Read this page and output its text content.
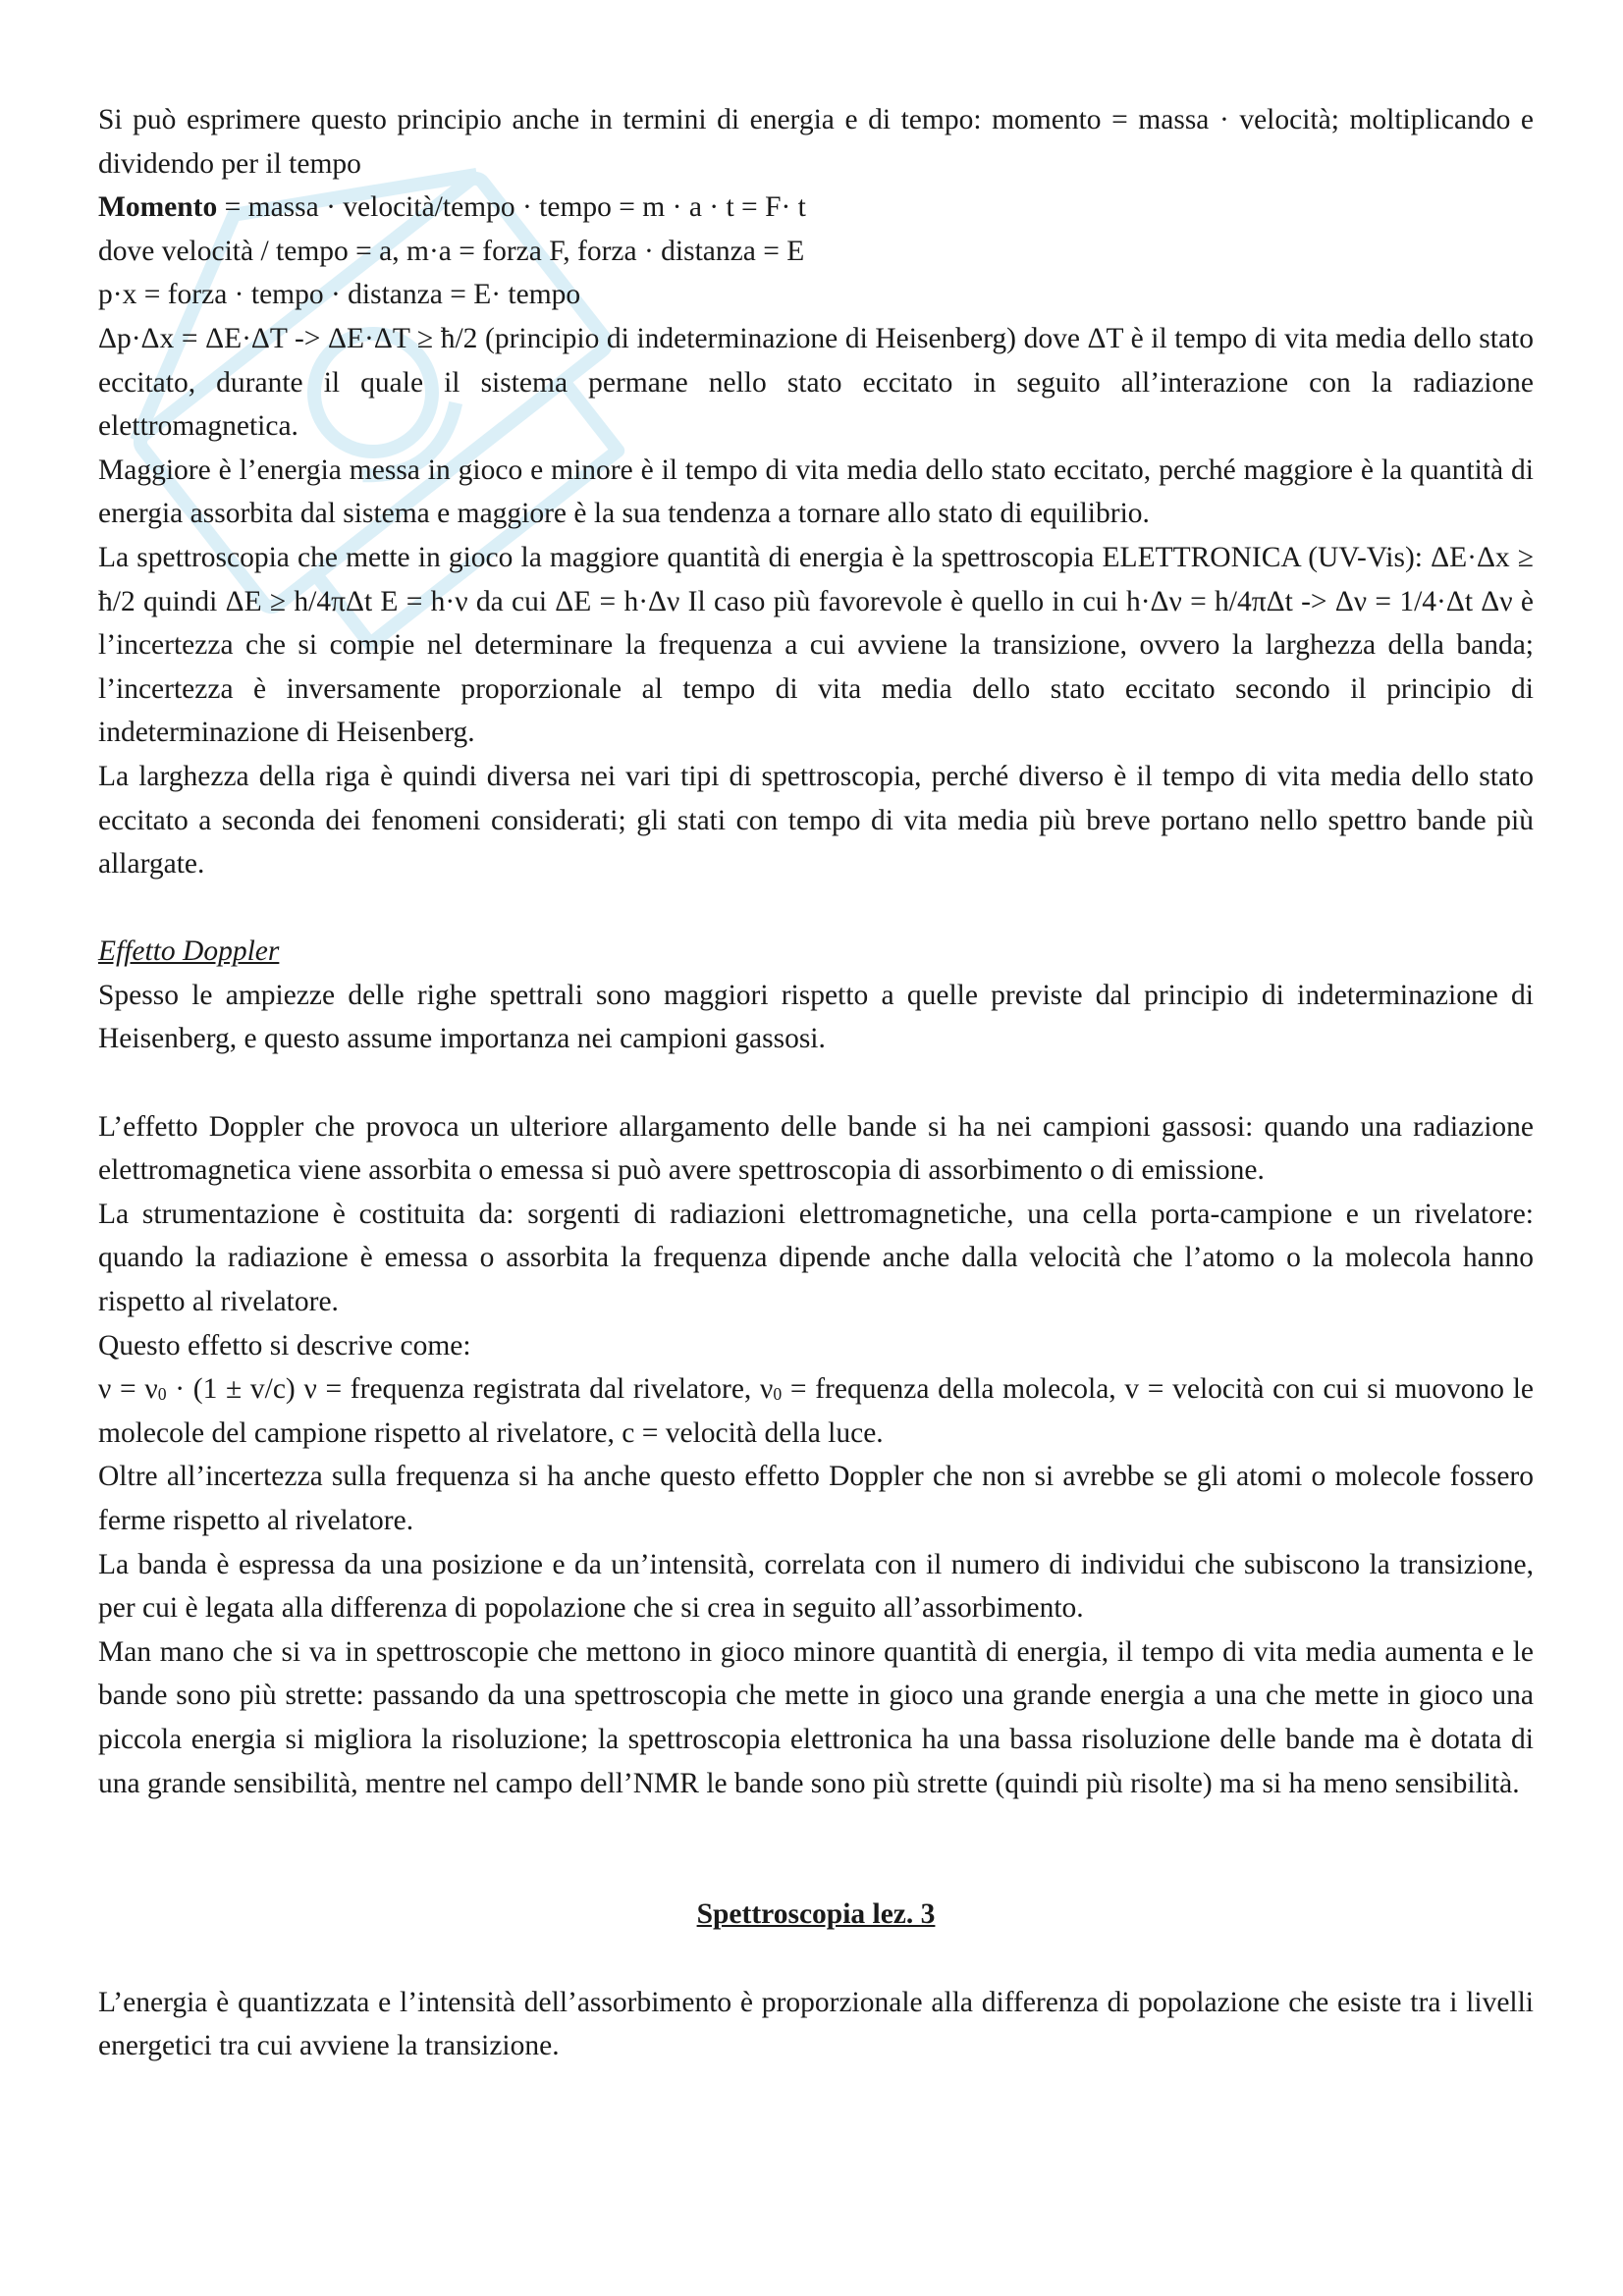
Si può esprimere questo principio anche in termini di energia e di tempo: momento = massa · velocità; moltiplicando e dividendo per il tempo

Momento = massa · velocità/tempo · tempo = m · a · t = F· t

dove velocità / tempo = a, m·a = forza F, forza · distanza = E

p·x = forza · tempo · distanza = E· tempo

Δp·Δx = ΔE·ΔT -> ΔE·ΔT ≥ ħ/2 (principio di indeterminazione di Heisenberg) dove ΔT è il tempo di vita media dello stato eccitato, durante il quale il sistema permane nello stato eccitato in seguito all’interazione con la radiazione elettromagnetica.

Maggiore è l’energia messa in gioco e minore è il tempo di vita media dello stato eccitato, perché maggiore è la quantità di energia assorbita dal sistema e maggiore è la sua tendenza a tornare allo stato di equilibrio.

La spettroscopia che mette in gioco la maggiore quantità di energia è la spettroscopia ELETTRONICA (UV-Vis): ΔE·Δx ≥ ħ/2 quindi ΔE ≥ h/4πΔt E = h·ν da cui ΔE = h·Δν Il caso più favorevole è quello in cui h·Δν = h/4πΔt -> Δν = 1/4·Δt Δν è l’incertezza che si compie nel determinare la frequenza a cui avviene la transizione, ovvero la larghezza della banda; l’incertezza è inversamente proporzionale al tempo di vita media dello stato eccitato secondo il principio di indeterminazione di Heisenberg.

La larghezza della riga è quindi diversa nei vari tipi di spettroscopia, perché diverso è il tempo di vita media dello stato eccitato a seconda dei fenomeni considerati; gli stati con tempo di vita media più breve portano nello spettro bande più allargate.

Effetto Doppler

Spesso le ampiezze delle righe spettrali sono maggiori rispetto a quelle previste dal principio di indeterminazione di Heisenberg, e questo assume importanza nei campioni gassosi.

L’effetto Doppler che provoca un ulteriore allargamento delle bande si ha nei campioni gassosi: quando una radiazione elettromagnetica viene assorbita o emessa si può avere spettroscopia di assorbimento o di emissione.

La strumentazione è costituita da: sorgenti di radiazioni elettromagnetiche, una cella porta-campione e un rivelatore: quando la radiazione è emessa o assorbita la frequenza dipende anche dalla velocità che l’atomo o la molecola hanno rispetto al rivelatore.

Questo effetto si descrive come:

$\nu = \nu_0 \cdot (1 \pm v/c) \nu$ = frequenza registrata dal rivelatore, $\nu_0$ = frequenza della molecola, v = velocità con cui si muovono le molecole del campione rispetto al rivelatore, c = velocità della luce.

Oltre all’incertezza sulla frequenza si ha anche questo effetto Doppler che non si avrebbe se gli atomi o molecole fossero ferme rispetto al rivelatore.

La banda è espressa da una posizione e da un’intensità, correlata con il numero di individui che subiscono la transizione, per cui è legata alla differenza di popolazione che si crea in seguito all’assorbimento.

Man mano che si va in spettroscopie che mettono in gioco minore quantità di energia, il tempo di vita media aumenta e le bande sono più strette: passando da una spettroscopia che mette in gioco una grande energia a una che mette in gioco una piccola energia si migliora la risoluzione; la spettroscopia elettronica ha una bassa risoluzione delle bande ma è dotata di una grande sensibilità, mentre nel campo dell’NMR le bande sono più strette (quindi più risolte) ma si ha meno sensibilità.

Spettroscopia lez. 3

L’energia è quantizzata e l’intensità dell’assorbimento è proporzionale alla differenza di popolazione che esiste tra i livelli energetici tra cui avviene la transizione.
